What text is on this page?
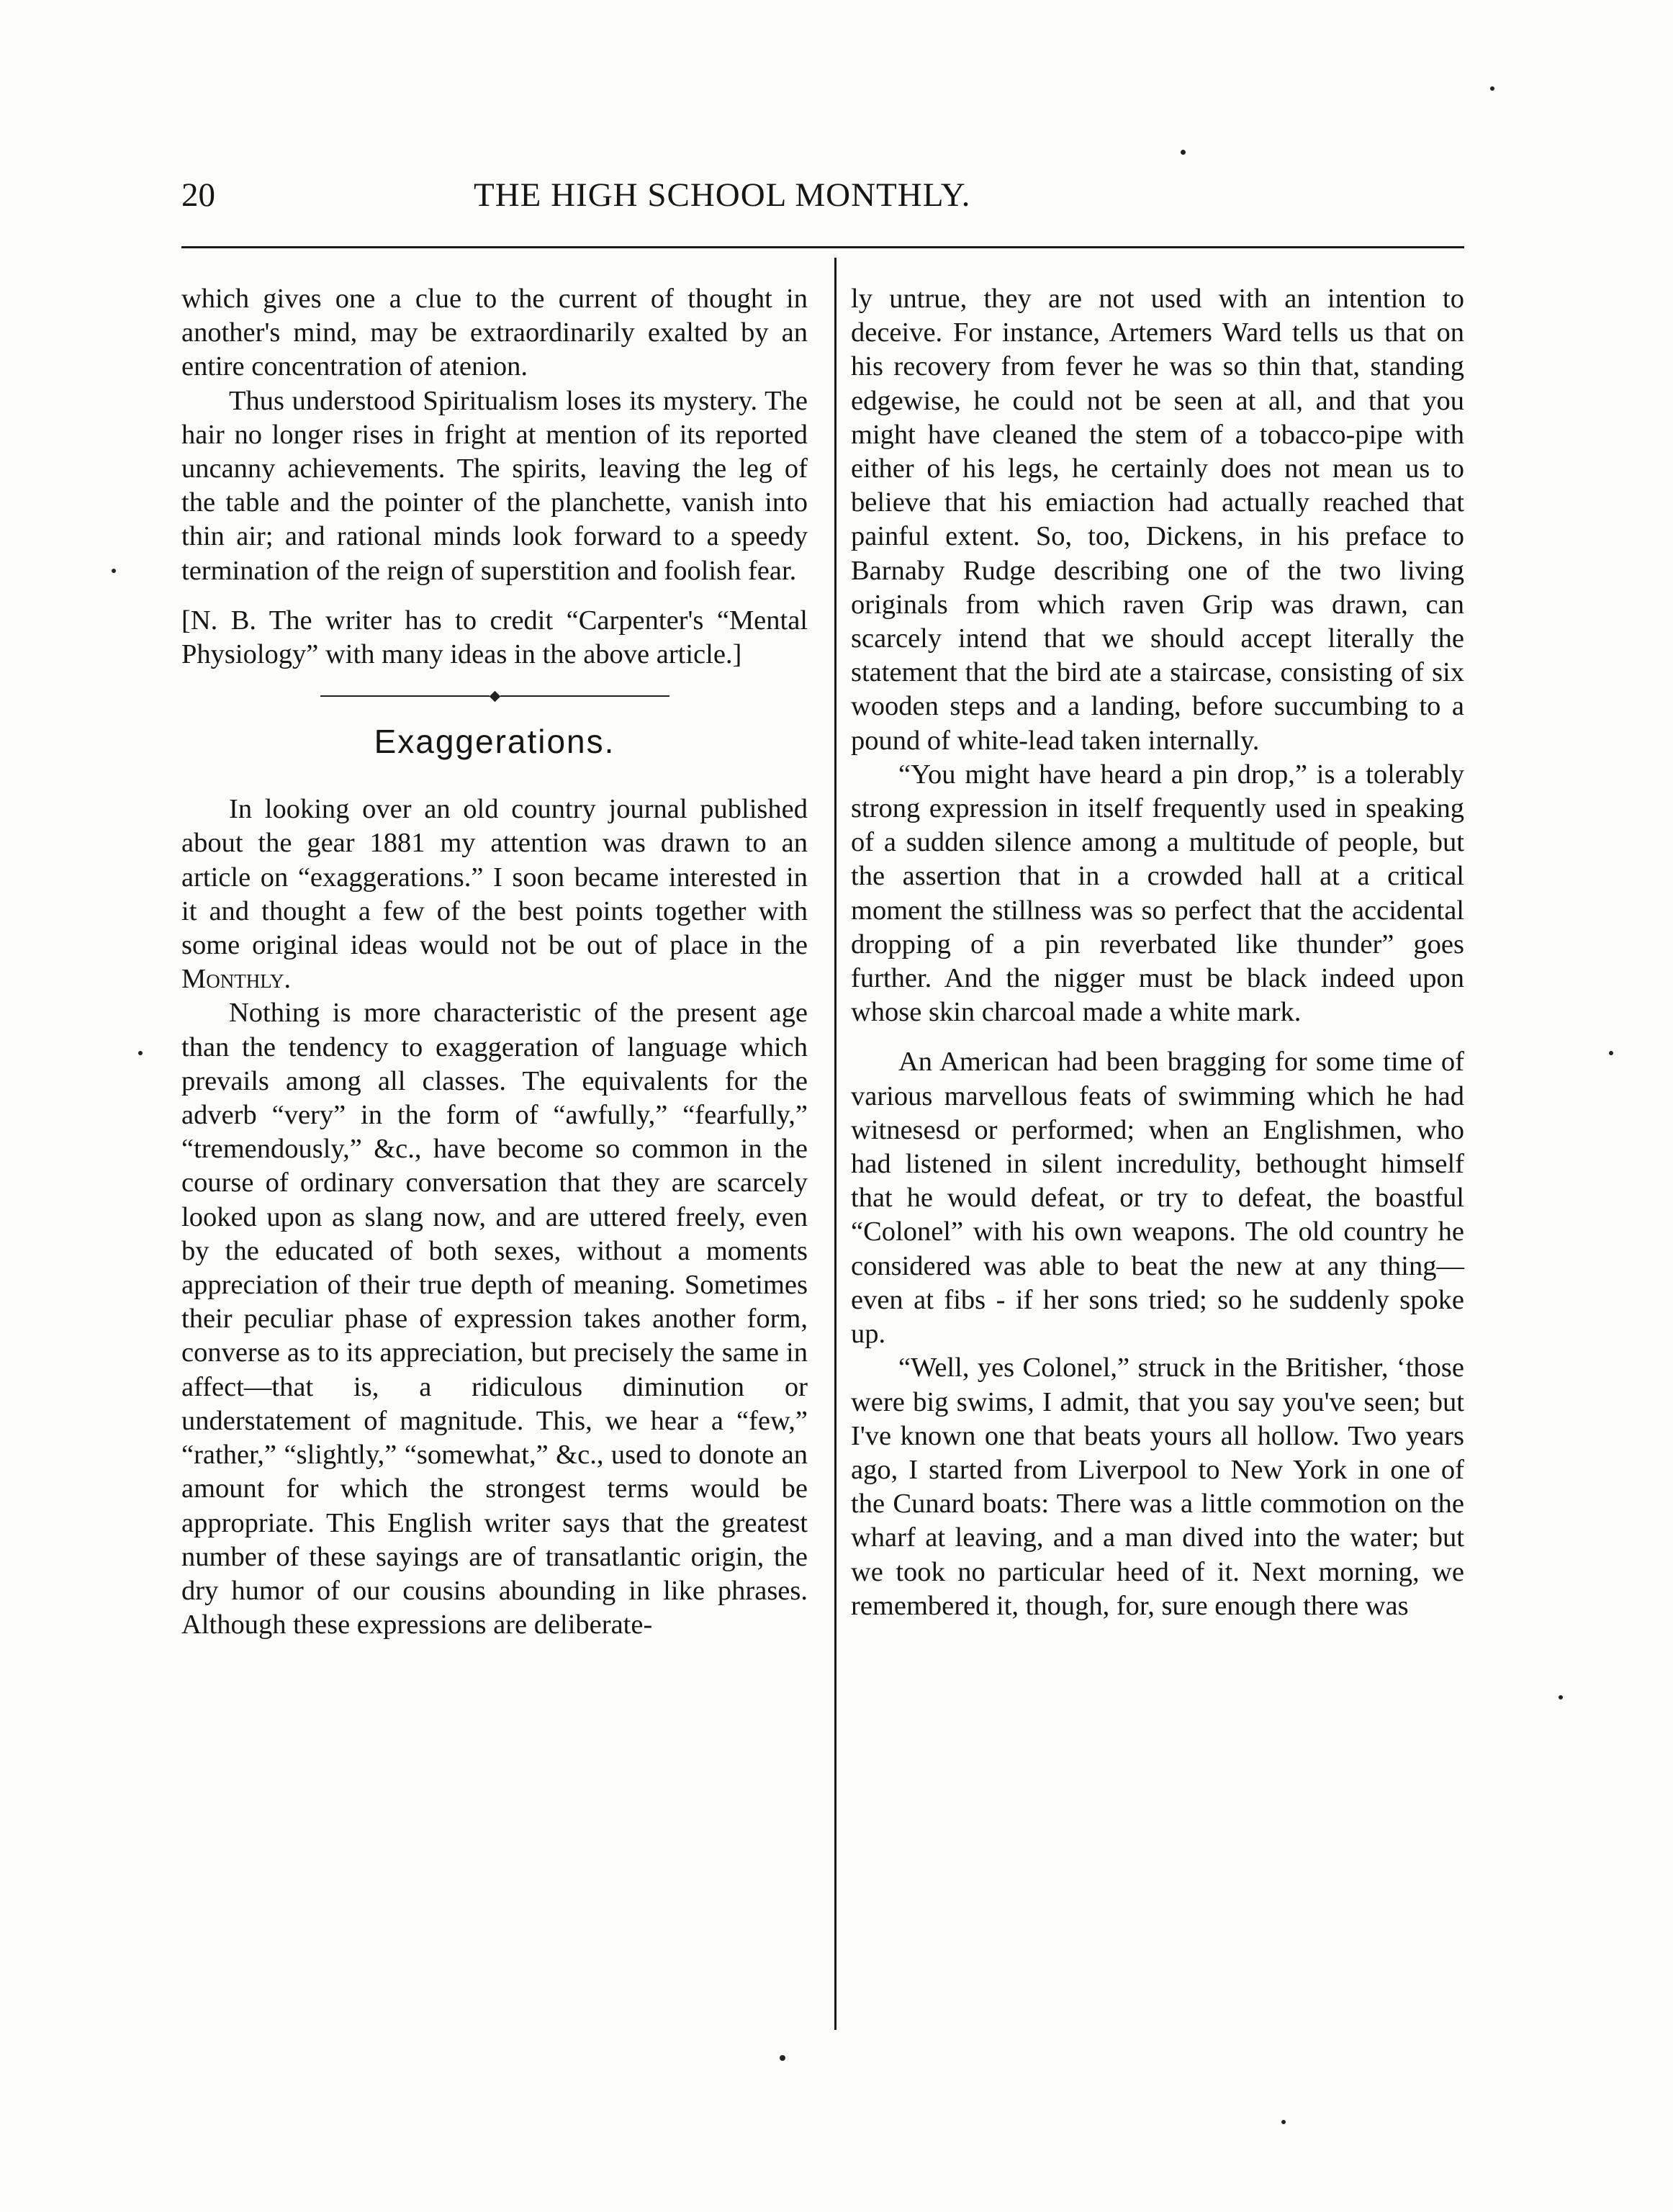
20	THE HIGH SCHOOL MONTHLY.

which gives one a clue to the current of thought in another's mind, may be extraordinarily exalted by an entire concentration of atenion.

Thus understood Spiritualism loses its mystery. The hair no longer rises in fright at mention of its reported uncanny achievements. The spirits, leaving the leg of the table and the pointer of the planchette, vanish into thin air; and rational minds look forward to a speedy termination of the reign of superstition and foolish fear.

[N. B. The writer has to credit “Carpenter's “Mental Physiology” with many ideas in the above article.]

Exaggerations.

In looking over an old country journal published about the gear 1881 my attention was drawn to an article on “exaggerations.” I soon became interested in it and thought a few of the best points together with some original ideas would not be out of place in the Monthly.

Nothing is more characteristic of the present age than the tendency to exaggeration of language which prevails among all classes. The equivalents for the adverb “very” in the form of “awfully,” “fearfully,” “tremendously,” &c., have become so common in the course of ordinary conversation that they are scarcely looked upon as slang now, and are uttered freely, even by the educated of both sexes, without a moments appreciation of their true depth of meaning. Sometimes their peculiar phase of expression takes another form, converse as to its appreciation, but precisely the same in affect—that is, a ridiculous diminution or understatement of magnitude. This, we hear a “few,” “rather,” “slightly,” “somewhat,” &c., used to donote an amount for which the strongest terms would be appropriate. This English writer says that the greatest number of these sayings are of transatlantic origin, the dry humor of our cousins abounding in like phrases. Although these expressions are deliberate-

ly untrue, they are not used with an intention to deceive. For instance, Artemers Ward tells us that on his recovery from fever he was so thin that, standing edgewise, he could not be seen at all, and that you might have cleaned the stem of a tobacco-pipe with either of his legs, he certainly does not mean us to believe that his emiaction had actually reached that painful extent. So, too, Dickens, in his preface to Barnaby Rudge describing one of the two living originals from which raven Grip was drawn, can scarcely intend that we should accept literally the statement that the bird ate a staircase, consisting of six wooden steps and a landing, before succumbing to a pound of white-lead taken internally.

“You might have heard a pin drop,” is a tolerably strong expression in itself frequently used in speaking of a sudden silence among a multitude of people, but the assertion that in a crowded hall at a critical moment the stillness was so perfect that the accidental dropping of a pin reverbated like thunder” goes further. And the nigger must be black indeed upon whose skin charcoal made a white mark.

An American had been bragging for some time of various marvellous feats of swimming which he had witnesesd or performed; when an Englishmen, who had listened in silent incredulity, bethought himself that he would defeat, or try to defeat, the boastful “Colonel” with his own weapons. The old country he considered was able to beat the new at any thing—even at fibs - if her sons tried; so he suddenly spoke up.

“Well, yes Colonel,” struck in the Britisher, ‘those were big swims, I admit, that you say you've seen; but I've known one that beats yours all hollow. Two years ago, I started from Liverpool to New York in one of the Cunard boats: There was a little commotion on the wharf at leaving, and a man dived into the water; but we took no particular heed of it. Next morning, we remembered it, though, for, sure enough there was
